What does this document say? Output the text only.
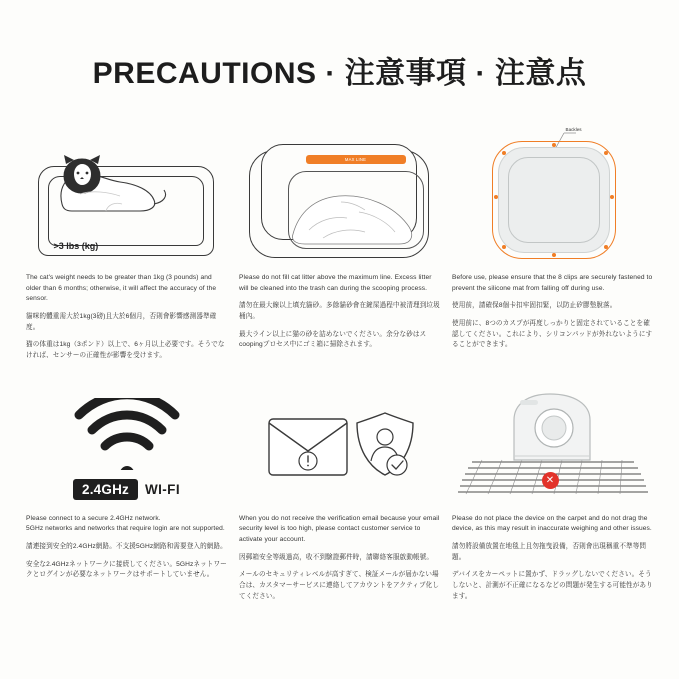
PRECAUTIONS · 注意事項 · 注意点
>3 lbs (kg)

The cat's weight needs to be greater than 1kg (3 pounds) and older than 6 months; otherwise, it will affect the accuracy of the sensor.

貓咪的體重需大於1kg(3磅)且大於6個月，否則會影響感測器準確度。

猫の体重は1kg（3ポンド）以上で、6ヶ月以上必要です。そうでなければ、センサーの正確性が影響を受けます。

MAX LINE

Please do not fill cat litter above the maximum line. Excess litter will be cleaned into the trash can during the scooping process.

請勿在最大線以上填充貓砂。多餘貓砂會在鏟屎過程中被清理到垃圾桶內。

最大ライン以上に猫の砂を詰めないでください。余分な砂はスcoopingプロセス中にゴミ箱に掃除されます。

Backles

Before use, please ensure that the 8 clips are securely fastened to prevent the silicone mat from falling off during use.

使用前，請確保8個卡扣牢固扣緊，以防止矽膠墊脫落。

使用前に、8つのカスプが再度しっかりと固定されていることを確認してください。これにより、シリコンパッドが外れないようにすることができます。

2.4GHz	WI-FI

Please connect to a secure 2.4GHz network.

5GHz networks and networks that require login are not supported.

請連接到安全的2.4GHz網路。不支援5GHz網路和需要登入的網路。

安全な2.4GHzネットワークに接続してください。5GHzネットワークとログインが必要なネットワークはサポートしていません。

When you do not receive the verification email because your email security level is too high, please contact customer service to activate your account.

因郵箱安全等級過高，收不到驗證郵件時，請聯絡客服啟動帳號。

メールのセキュリティレベルが高すぎて、検証メールが届かない場合は、カスタマーサービスに連絡してアカウントをアクティブ化してください。

✕

Please do not place the device on the carpet and do not drag the device, as this may result in inaccurate weighing and other issues.

請勿將設備放置在地毯上且勿拖曳設備，否則會出現稱重不準等問題。

デバイスをカーペットに置かず、ドラッグしないでください。そうしないと、計測が不正確になるなどの問題が発生する可能性があります。
